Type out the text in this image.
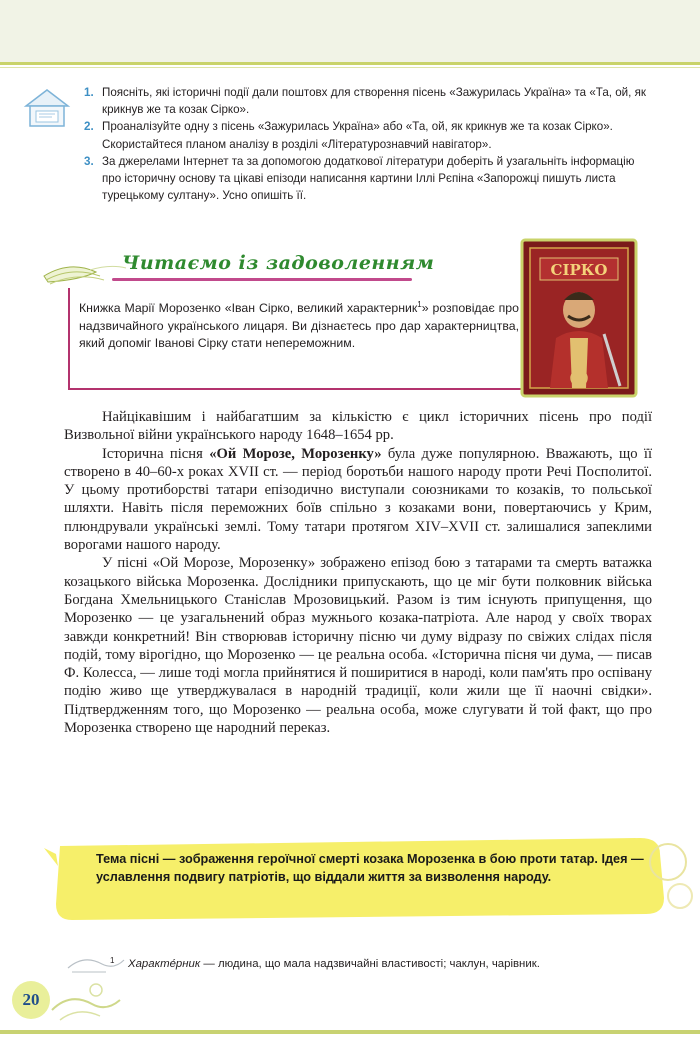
1. Поясніть, які історичні події дали поштовх для створення пісень «Зажурилась Україна» та «Та, ой, як крикнув же та козак Сірко».
2. Проаналізуйте одну з пісень «Зажурилась Україна» або «Та, ой, як крикнув же та козак Сірко». Скористайтеся планом аналізу в розділі «Літературознавчий навігатор».
3. За джерелами Інтернет та за допомогою додаткової літератури доберіть й узагальніть інформацію про історичну основу та цікаві епізоди написання картини Іллі Рєпіна «Запорожці пишуть листа турецькому султану». Усно опишіть її.
Читаємо із задоволенням
Книжка Марії Морозенко «Іван Сірко, великий характерник$^1$» розповідає про надзвичайного українського лицаря. Ви дізнаєтесь про дар характерництва, який допоміг Іванові Сірку стати непереможним.
СІРКО

Найцікавішим і найбагатшим за кількістю є цикл історичних пісень про події Визвольної війни українського народу 1648–1654 рр.

Історична пісня «Ой Морозе, Морозенку» була дуже популярною. Вважають, що її створено в 40–60-х роках XVII ст. — період боротьби нашого народу проти Речі Посполитої. У цьому протиборстві татари епізодично виступали союзниками то козаків, то польської шляхти. Навіть після переможних боїв спільно з козаками вони, повертаючись у Крим, плюндрували українські землі. Тому татари протягом XIV–XVII ст. залишалися запеклими ворогами нашого народу.

У пісні «Ой Морозе, Морозенку» зображено епізод бою з татарами та смерть ватажка козацького війська Морозенка. Дослідники припускають, що це міг бути полковник війська Богдана Хмельницького Станіслав Мрозовицький. Разом із тим існують припущення, що Морозенко — це узагальнений образ мужнього козака-патріота. Але народ у своїх творах завжди конкретний! Він створював історичну пісню чи думу відразу по свіжих слідах після подій, тому вірогідно, що Морозенко — це реальна особа. «Історична пісня чи дума, — писав Ф. Колесса, — лише тоді могла прийнятися й поширитися в народі, коли пам'ять про оспівану подію живо ще утверджувалася в народній традиції, коли жили ще її наочні свідки». Підтвердженням того, що Морозенко — реальна особа, може слугувати й той факт, що про Морозенка створено ще народний переказ.

Тема пісні — зображення героїчної смерті козака Морозенка в бою проти татар. Ідея — уславлення подвигу патріотів, що віддали життя за визволення народу.
1 Характе́рник — людина, що мала надзвичайні властивості; чаклун, чарівник.
20
